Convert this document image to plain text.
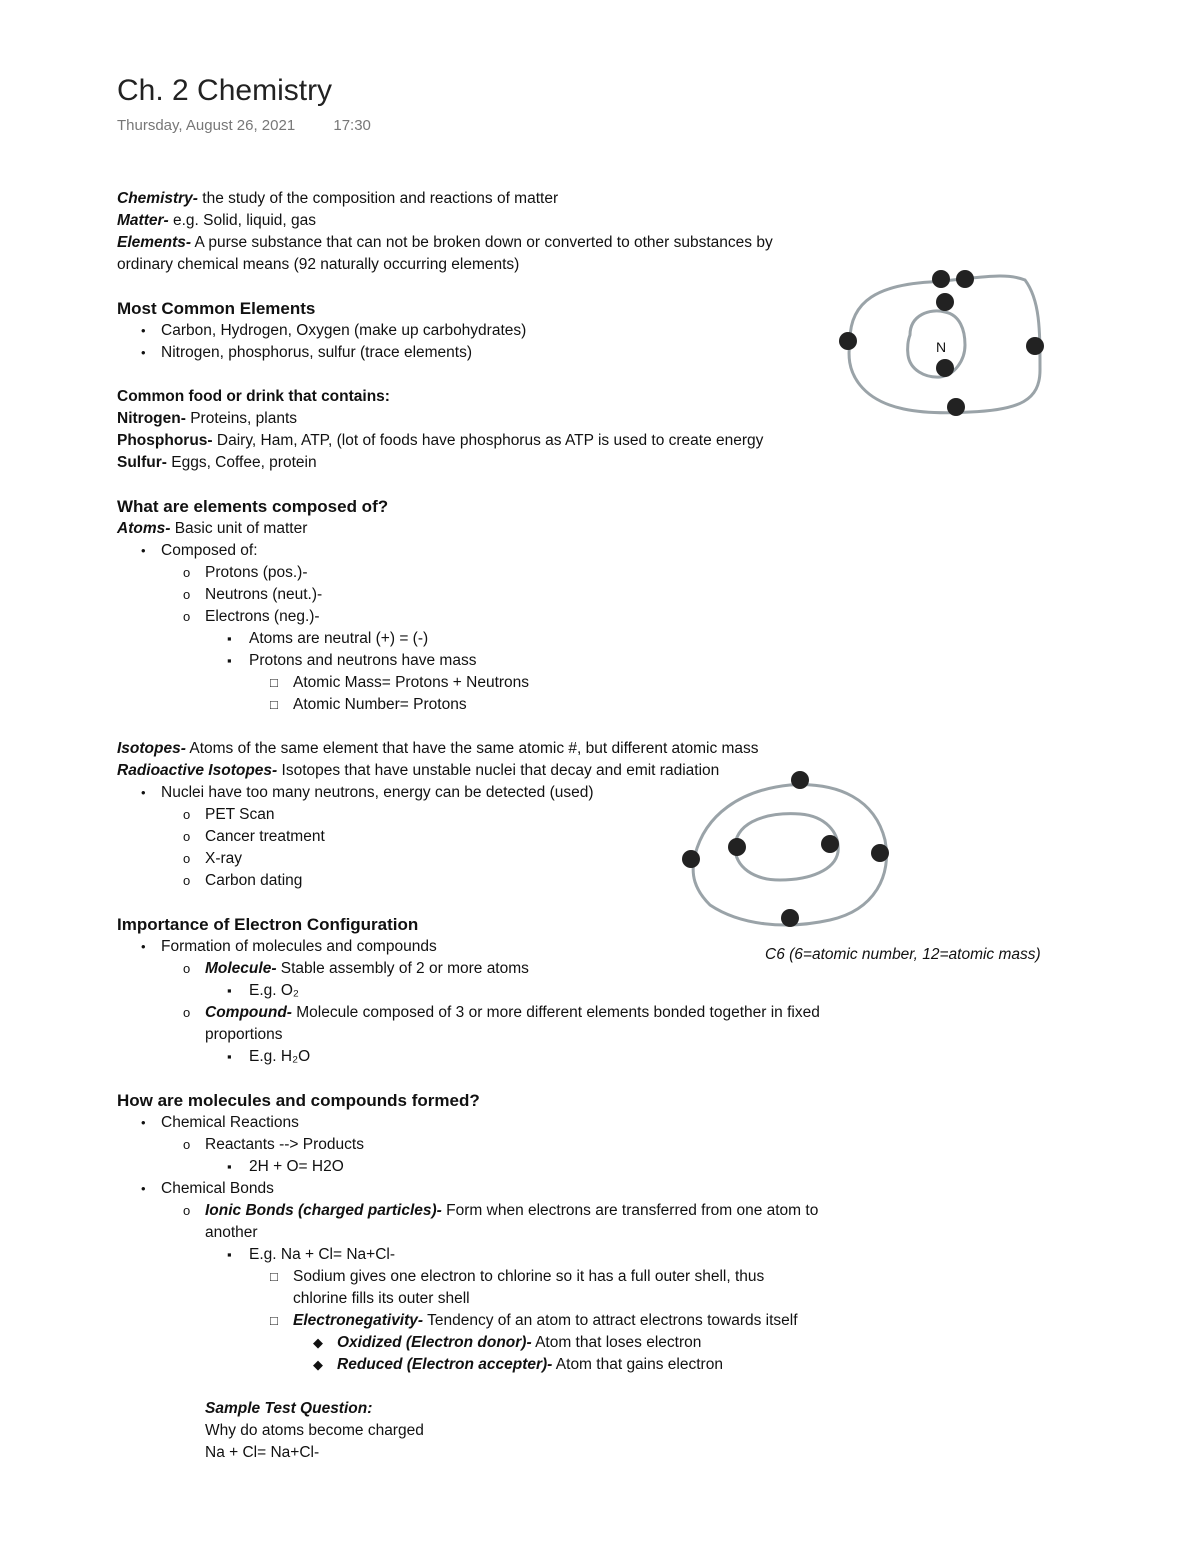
Ch. 2 Chemistry
Thursday, August 26, 2021	17:30
Chemistry- the study of the composition and reactions of matter
Matter- e.g. Solid, liquid, gas
Elements- A purse substance that can not be broken down or converted to other substances by ordinary chemical means (92 naturally occurring elements)
Most Common Elements
• Carbon, Hydrogen, Oxygen (make up carbohydrates)
• Nitrogen, phosphorus, sulfur (trace elements)
Common food or drink that contains:
Nitrogen- Proteins, plants
Phosphorus- Dairy, Ham, ATP, (lot of foods have phosphorus as ATP is used to create energy
Sulfur- Eggs, Coffee, protein
What are elements composed of?
Atoms- Basic unit of matter
• Composed of:
o Protons (pos.)-
o Neutrons (neut.)-
o Electrons (neg.)-
▪ Atoms are neutral (+) = (-)
▪ Protons and neutrons have mass
□ Atomic Mass= Protons + Neutrons
□ Atomic Number= Protons
Isotopes- Atoms of the same element that have the same atomic #, but different atomic mass
Radioactive Isotopes- Isotopes that have unstable nuclei that decay and emit radiation
• Nuclei have too many neutrons, energy can be detected (used)
o PET Scan
o Cancer treatment
o X-ray
o Carbon dating
Importance of Electron Configuration
• Formation of molecules and compounds
o Molecule- Stable assembly of 2 or more atoms
▪ E.g. O₂
o Compound- Molecule composed of 3 or more different elements bonded together in fixed proportions
▪ E.g. H₂O
How are molecules and compounds formed?
• Chemical Reactions
o Reactants --> Products
▪ 2H + O= H2O
• Chemical Bonds
o Ionic Bonds (charged particles)- Form when electrons are transferred from one atom to another
▪ E.g. Na + Cl= Na+Cl-
□ Sodium gives one electron to chlorine so it has a full outer shell, thus chlorine fills its outer shell
□ Electronegativity- Tendency of an atom to attract electrons towards itself
◆ Oxidized (Electron donor)- Atom that loses electron
◆ Reduced (Electron accepter)- Atom that gains electron
Sample Test Question:
Why do atoms become charged
Na + Cl= Na+Cl-
N
C6 (6=atomic number, 12=atomic mass)
